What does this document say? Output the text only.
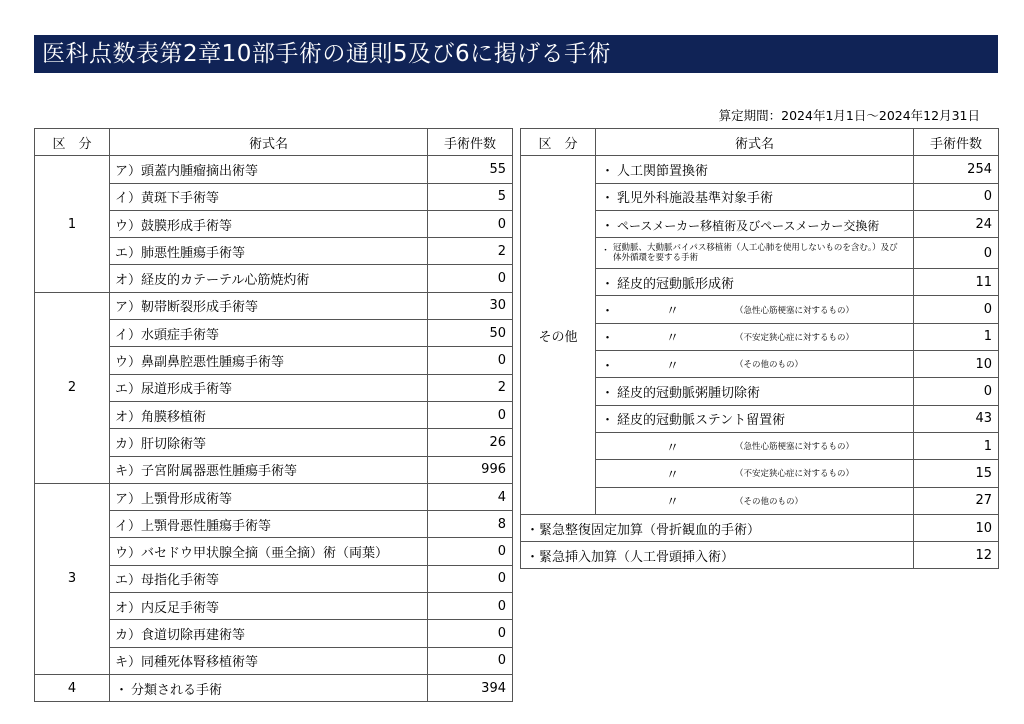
医科点数表第2章10部手術の通則5及び6に掲げる手術
算定期間：2024年1月1日～2024年12月31日
区　分	術式名	手術件数
1	ア）頭蓋内腫瘤摘出術等	55
	イ）黄斑下手術等	5
	ウ）鼓膜形成手術等	0
	エ）肺悪性腫瘍手術等	2
	オ）経皮的カテーテル心筋焼灼術	0
2	ア）靭帯断裂形成手術等	30
	イ）水頭症手術等	50
	ウ）鼻副鼻腔悪性腫瘍手術等	0
	エ）尿道形成手術等	2
	オ）角膜移植術	0
	カ）肝切除術等	26
	キ）子宮附属器悪性腫瘍手術等	996
3	ア）上顎骨形成術等	4
	イ）上顎骨悪性腫瘍手術等	8
	ウ）バセドウ甲状腺全摘（亜全摘）術（両葉）	0
	エ）母指化手術等	0
	オ）内反足手術等	0
	カ）食道切除再建術等	0
	キ）同種死体腎移植術等	0
4	・ 分類される手術	394
区　分	術式名	手術件数
その他	・ 人工関節置換術	254
	・ 乳児外科施設基準対象手術	0
	・ ペースメーカー移植術及びペースメーカー交換術	24

	・ 冠動脈、大動脈バイパス移植術（人工心肺を使用しないものを含む。）及び体外循環を要する手術	0
	・ 経皮的冠動脈形成術	11

	・ 〃 （急性心筋梗塞に対するもの）	0

	・ 〃 （不安定狭心症に対するもの）	1

	・ 〃 （その他のもの）	10
	・ 経皮的冠動脈粥腫切除術	0
	・ 経皮的冠動脈ステント留置術	43

	〃 （急性心筋梗塞に対するもの）	1

	〃 （不安定狭心症に対するもの）	15

	〃 （その他のもの）	27
・緊急整復固定加算（骨折観血的手術）		10
・緊急挿入加算（人工骨頭挿入術）		12
